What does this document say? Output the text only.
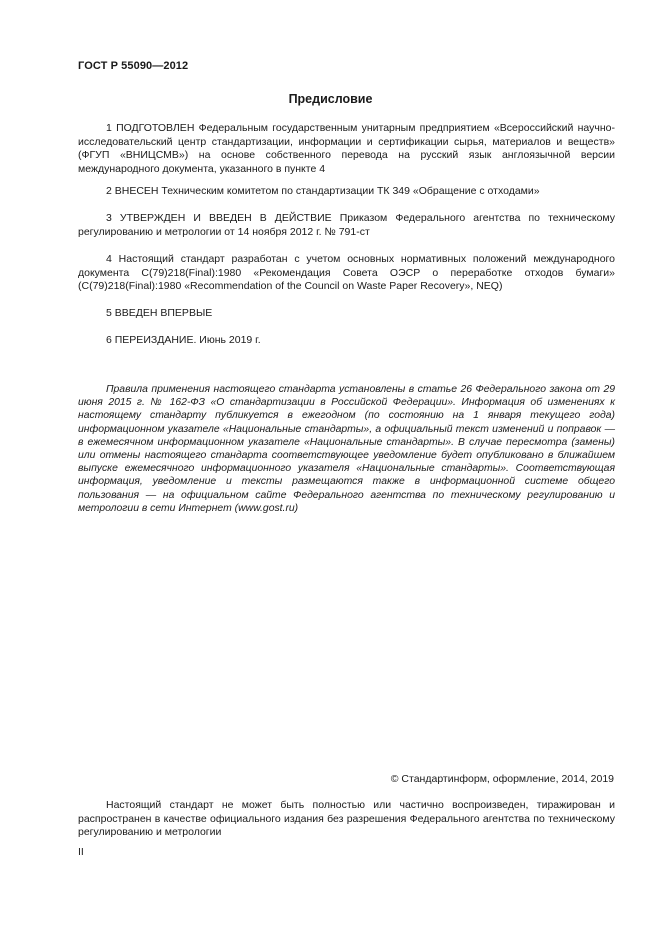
ГОСТ Р 55090—2012
Предисловие
1 ПОДГОТОВЛЕН Федеральным государственным унитарным предприятием «Всероссийский научно-исследовательский центр стандартизации, информации и сертификации сырья, материалов и веществ» (ФГУП «ВНИЦСМВ») на основе собственного перевода на русский язык англоязычной версии международного документа, указанного в пункте 4
2 ВНЕСЕН Техническим комитетом по стандартизации ТК 349 «Обращение с отходами»
3 УТВЕРЖДЕН И ВВЕДЕН В ДЕЙСТВИЕ Приказом Федерального агентства по техническому регулированию и метрологии от 14 ноября 2012 г. № 791-ст
4 Настоящий стандарт разработан с учетом основных нормативных положений международного документа C(79)218(Final):1980 «Рекомендация Совета ОЭСР о переработке отходов бумаги» (C(79)218(Final):1980 «Recommendation of the Council on Waste Paper Recovery», NEQ)
5 ВВЕДЕН ВПЕРВЫЕ
6 ПЕРЕИЗДАНИЕ. Июнь 2019 г.
Правила применения настоящего стандарта установлены в статье 26 Федерального закона от 29 июня 2015 г. № 162-ФЗ «О стандартизации в Российской Федерации». Информация об изменениях к настоящему стандарту публикуется в ежегодном (по состоянию на 1 января текущего года) информационном указателе «Национальные стандарты», а официальный текст изменений и поправок — в ежемесячном информационном указателе «Национальные стандарты». В случае пересмотра (замены) или отмены настоящего стандарта соответствующее уведомление будет опубликовано в ближайшем выпуске ежемесячного информационного указателя «Национальные стандарты». Соответствующая информация, уведомление и тексты размещаются также в информационной системе общего пользования — на официальном сайте Федерального агентства по техническому регулированию и метрологии в сети Интернет (www.gost.ru)
© Стандартинформ, оформление, 2014, 2019
Настоящий стандарт не может быть полностью или частично воспроизведен, тиражирован и распространен в качестве официального издания без разрешения Федерального агентства по техническому регулированию и метрологии
II
